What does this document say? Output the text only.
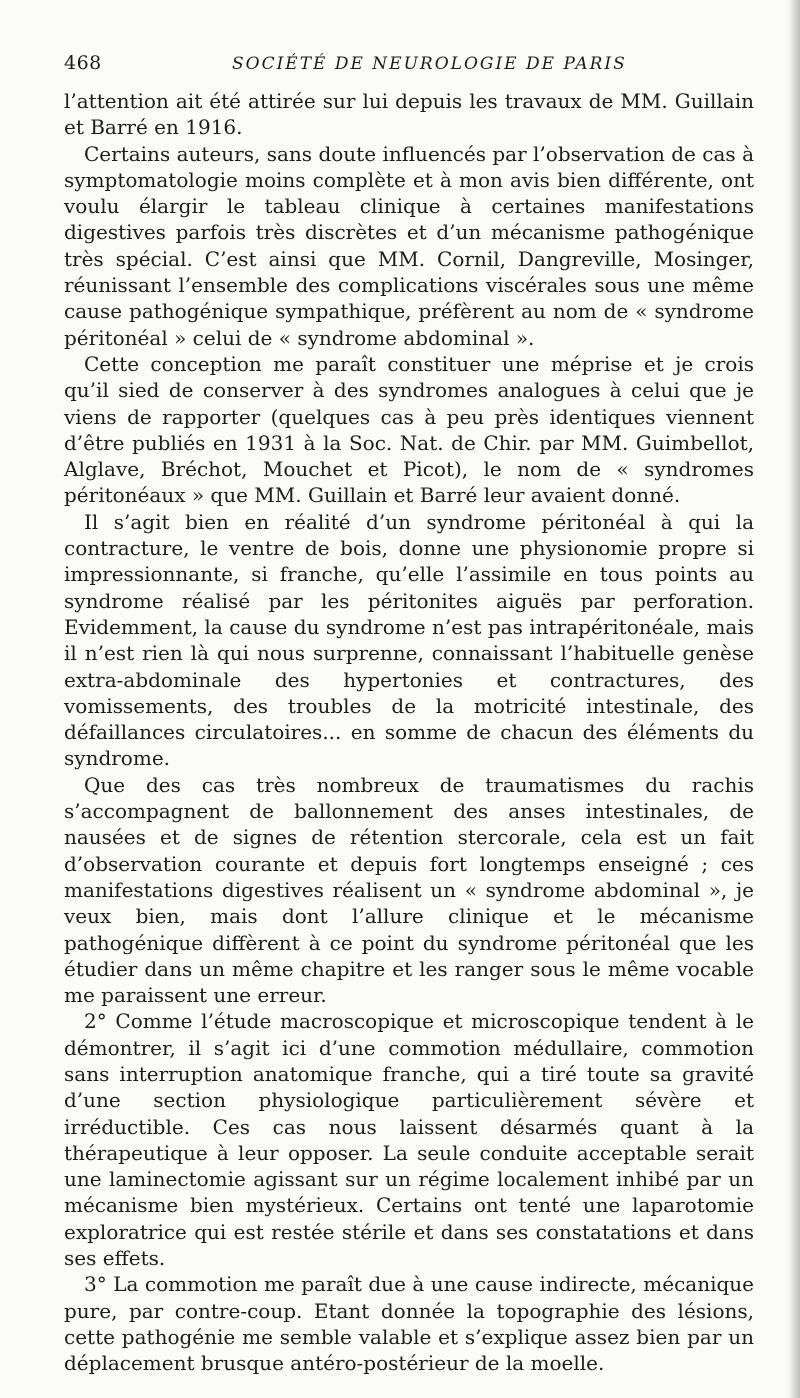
468	SOCIÉTÉ DE NEUROLOGIE DE PARIS

l’attention ait été attirée sur lui depuis les travaux de MM. Guillain et Barré en 1916.

Certains auteurs, sans doute influencés par l’observation de cas à symptomatologie moins complète et à mon avis bien différente, ont voulu élargir le tableau clinique à certaines manifestations digestives parfois très discrètes et d’un mécanisme pathogénique très spécial. C’est ainsi que MM. Cornil, Dangreville, Mosinger, réunissant l’ensemble des complications viscérales sous une même cause pathogénique sympathique, préfèrent au nom de « syndrome péritonéal » celui de « syndrome abdominal ».

Cette conception me paraît constituer une méprise et je crois qu’il sied de conserver à des syndromes analogues à celui que je viens de rapporter (quelques cas à peu près identiques viennent d’être publiés en 1931 à la Soc. Nat. de Chir. par MM. Guimbellot, Alglave, Bréchot, Mouchet et Picot), le nom de « syndromes péritonéaux » que MM. Guillain et Barré leur avaient donné.

Il s’agit bien en réalité d’un syndrome péritonéal à qui la contracture, le ventre de bois, donne une physionomie propre si impressionnante, si franche, qu’elle l’assimile en tous points au syndrome réalisé par les péritonites aiguës par perforation. Evidemment, la cause du syndrome n’est pas intrapéritonéale, mais il n’est rien là qui nous surprenne, connaissant l’habituelle genèse extra-abdominale des hypertonies et contractures, des vomissements, des troubles de la motricité intestinale, des défaillances circulatoires... en somme de chacun des éléments du syndrome.

Que des cas très nombreux de traumatismes du rachis s’accompagnent de ballonnement des anses intestinales, de nausées et de signes de rétention stercorale, cela est un fait d’observation courante et depuis fort longtemps enseigné ; ces manifestations digestives réalisent un « syndrome abdominal », je veux bien, mais dont l’allure clinique et le mécanisme pathogénique diffèrent à ce point du syndrome péritonéal que les étudier dans un même chapitre et les ranger sous le même vocable me paraissent une erreur.

2° Comme l’étude macroscopique et microscopique tendent à le démontrer, il s’agit ici d’une commotion médullaire, commotion sans interruption anatomique franche, qui a tiré toute sa gravité d’une section physiologique particulièrement sévère et irréductible. Ces cas nous laissent désarmés quant à la thérapeutique à leur opposer. La seule conduite acceptable serait une laminectomie agissant sur un régime localement inhibé par un mécanisme bien mystérieux. Certains ont tenté une laparotomie exploratrice qui est restée stérile et dans ses constatations et dans ses effets.

3° La commotion me paraît due à une cause indirecte, mécanique pure, par contre-coup. Etant donnée la topographie des lésions, cette pathogénie me semble valable et s’explique assez bien par un déplacement brusque antéro-postérieur de la moelle.
